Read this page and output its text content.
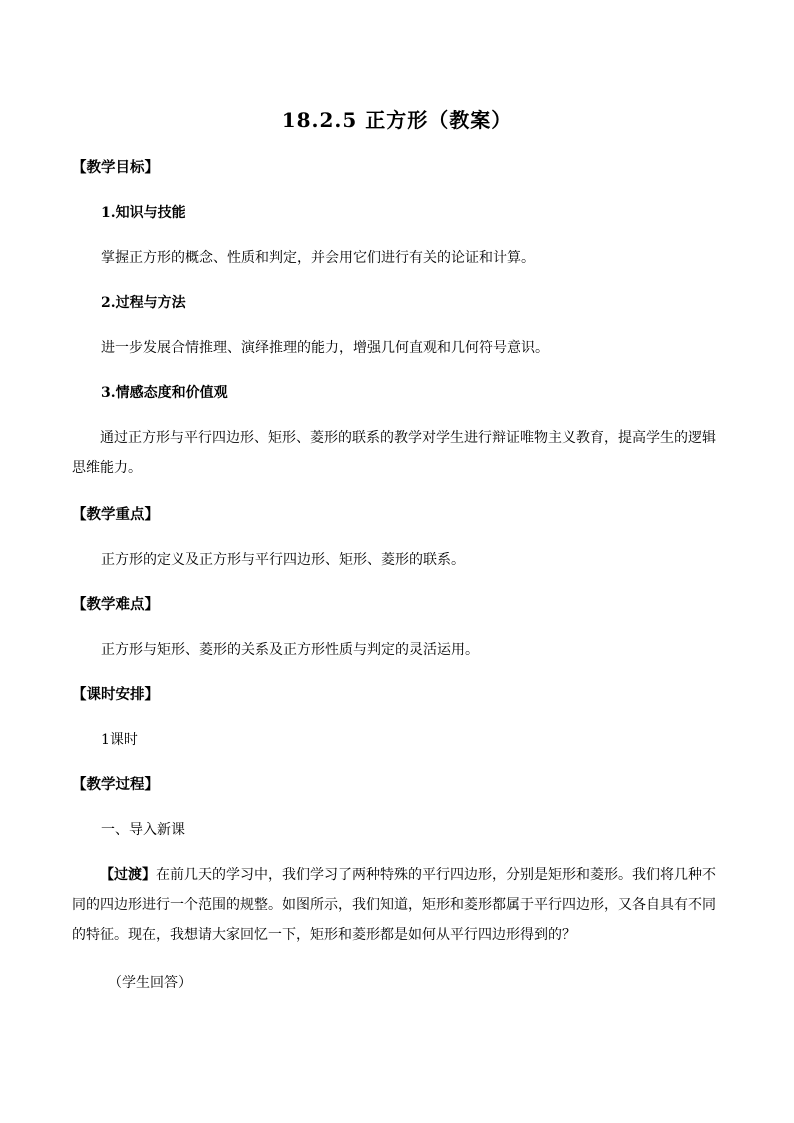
18.2.5 正方形（教案）
【教学目标】
1.知识与技能
掌握正方形的概念、性质和判定，并会用它们进行有关的论证和计算。
2.过程与方法
进一步发展合情推理、演绎推理的能力，增强几何直观和几何符号意识。
3.情感态度和价值观
通过正方形与平行四边形、矩形、菱形的联系的教学对学生进行辩证唯物主义教育，提高学生的逻辑思维能力。
【教学重点】
正方形的定义及正方形与平行四边形、矩形、菱形的联系。
【教学难点】
正方形与矩形、菱形的关系及正方形性质与判定的灵活运用。
【课时安排】
1课时
【教学过程】
一、导入新课
【过渡】在前几天的学习中，我们学习了两种特殊的平行四边形，分别是矩形和菱形。我们将几种不同的四边形进行一个范围的规整。如图所示，我们知道，矩形和菱形都属于平行四边形，又各自具有不同的特征。现在，我想请大家回忆一下，矩形和菱形都是如何从平行四边形得到的？
（学生回答）
